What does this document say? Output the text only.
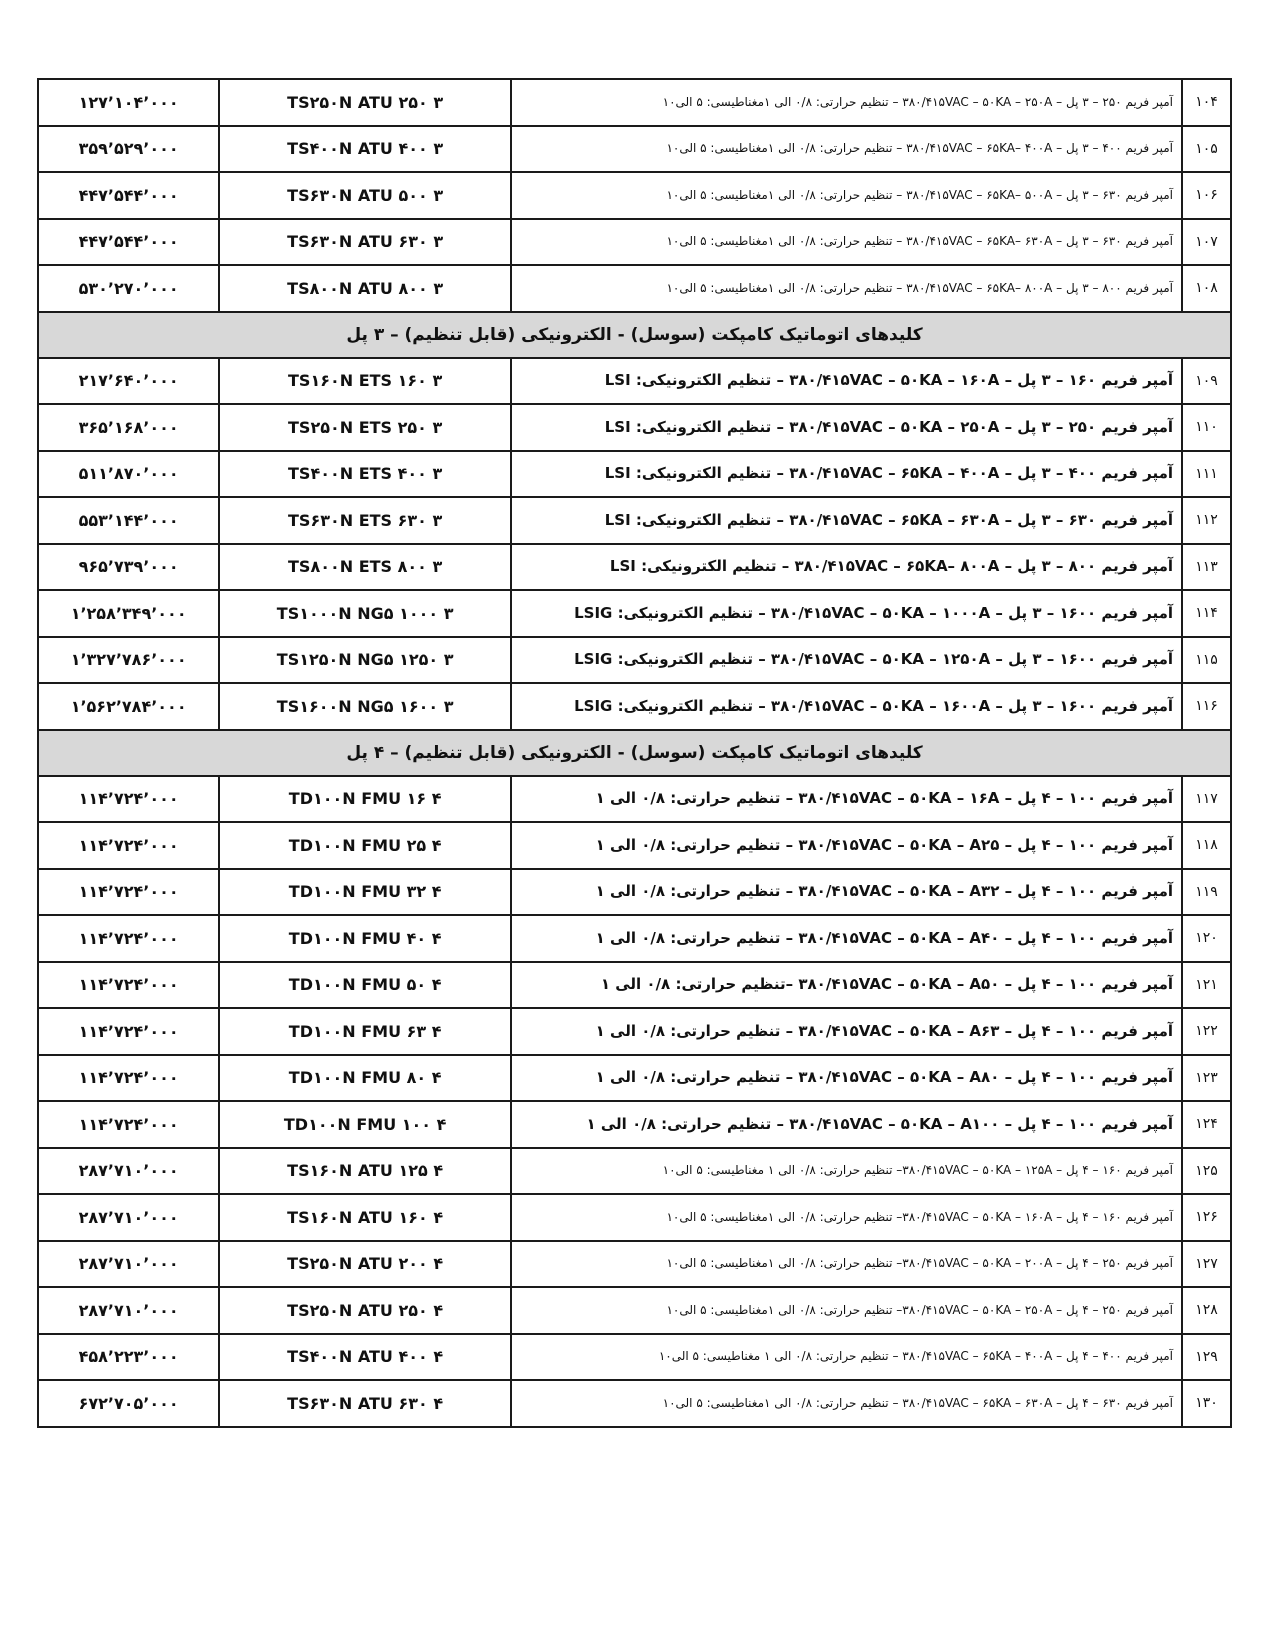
۱۲۷٬۱۰۴٬۰۰۰	TS۲۵۰N ATU ۲۵۰ ۳	آمپر فریم ۲۵۰ – ۳ پل – ۳۸۰/۴۱۵VAC – ۵۰KA – ۲۵۰A – تنظیم حرارتی: ۰/۸ الی ۱مغناطیسی: ۵ الی۱۰	۱۰۴
۳۵۹٬۵۲۹٬۰۰۰	TS۴۰۰N ATU ۴۰۰ ۳	آمپر فریم ۴۰۰ – ۳ پل – ۳۸۰/۴۱۵VAC – ۶۵KA– ۴۰۰A – تنظیم حرارتی: ۰/۸ الی ۱مغناطیسی: ۵ الی۱۰	۱۰۵
۴۴۷٬۵۴۴٬۰۰۰	TS۶۳۰N ATU ۵۰۰ ۳	آمپر فریم ۶۳۰ – ۳ پل – ۳۸۰/۴۱۵VAC – ۶۵KA– ۵۰۰A – تنظیم حرارتی: ۰/۸ الی ۱مغناطیسی: ۵ الی۱۰	۱۰۶
۴۴۷٬۵۴۴٬۰۰۰	TS۶۳۰N ATU ۶۳۰ ۳	آمپر فریم ۶۳۰ – ۳ پل – ۳۸۰/۴۱۵VAC – ۶۵KA– ۶۳۰A – تنظیم حرارتی: ۰/۸ الی ۱مغناطیسی: ۵ الی۱۰	۱۰۷
۵۳۰٬۲۷۰٬۰۰۰	TS۸۰۰N ATU ۸۰۰ ۳	آمپر فریم ۸۰۰ – ۳ پل – ۳۸۰/۴۱۵VAC – ۶۵KA– ۸۰۰A – تنظیم حرارتی: ۰/۸ الی ۱مغناطیسی: ۵ الی۱۰	۱۰۸
کلیدهای اتوماتیک کامپکت (سوسل) - الکترونیکی (قابل تنظیم) – ۳ پل			
۲۱۷٬۶۴۰٬۰۰۰	TS۱۶۰N ETS ۱۶۰ ۳	آمپر فریم ۱۶۰ – ۳ پل – ۳۸۰/۴۱۵VAC – ۵۰KA – ۱۶۰A – تنظیم الکترونیکی: LSI	۱۰۹
۳۶۵٬۱۶۸٬۰۰۰	TS۲۵۰N ETS ۲۵۰ ۳	آمپر فریم ۲۵۰ – ۳ پل – ۳۸۰/۴۱۵VAC – ۵۰KA – ۲۵۰A – تنظیم الکترونیکی: LSI	۱۱۰
۵۱۱٬۸۷۰٬۰۰۰	TS۴۰۰N ETS ۴۰۰ ۳	آمپر فریم ۴۰۰ – ۳ پل – ۳۸۰/۴۱۵VAC – ۶۵KA – ۴۰۰A – تنظیم الکترونیکی: LSI	۱۱۱
۵۵۳٬۱۴۴٬۰۰۰	TS۶۳۰N ETS ۶۳۰ ۳	آمپر فریم ۶۳۰ – ۳ پل – ۳۸۰/۴۱۵VAC – ۶۵KA – ۶۳۰A – تنظیم الکترونیکی: LSI	۱۱۲
۹۶۵٬۷۳۹٬۰۰۰	TS۸۰۰N ETS ۸۰۰ ۳	آمپر فریم ۸۰۰ – ۳ پل – ۳۸۰/۴۱۵VAC – ۶۵KA– ۸۰۰A – تنظیم الکترونیکی: LSI	۱۱۳
۱٬۲۵۸٬۳۴۹٬۰۰۰	TS۱۰۰۰N NG۵ ۱۰۰۰ ۳	آمپر فریم ۱۶۰۰ – ۳ پل – ۳۸۰/۴۱۵VAC – ۵۰KA – ۱۰۰۰A – تنظیم الکترونیکی: LSIG	۱۱۴
۱٬۳۲۷٬۷۸۶٬۰۰۰	TS۱۲۵۰N NG۵ ۱۲۵۰ ۳	آمپر فریم ۱۶۰۰ – ۳ پل – ۳۸۰/۴۱۵VAC – ۵۰KA – ۱۲۵۰A – تنظیم الکترونیکی: LSIG	۱۱۵
۱٬۵۶۲٬۷۸۴٬۰۰۰	TS۱۶۰۰N NG۵ ۱۶۰۰ ۳	آمپر فریم ۱۶۰۰ – ۳ پل – ۳۸۰/۴۱۵VAC – ۵۰KA – ۱۶۰۰A – تنظیم الکترونیکی: LSIG	۱۱۶
کلیدهای اتوماتیک کامپکت (سوسل) - الکترونیکی (قابل تنظیم) – ۴ پل			
۱۱۴٬۷۲۴٬۰۰۰	TD۱۰۰N FMU ۱۶ ۴	آمپر فریم ۱۰۰ – ۴ پل – ۳۸۰/۴۱۵VAC – ۵۰KA – ۱۶A – تنظیم حرارتی: ۰/۸ الی ۱	۱۱۷
۱۱۴٬۷۲۴٬۰۰۰	TD۱۰۰N FMU ۲۵ ۴	آمپر فریم ۱۰۰ – ۴ پل – ۳۸۰/۴۱۵VAC – ۵۰KA – A۲۵ – تنظیم حرارتی: ۰/۸ الی ۱	۱۱۸
۱۱۴٬۷۲۴٬۰۰۰	TD۱۰۰N FMU ۳۲ ۴	آمپر فریم ۱۰۰ – ۴ پل – ۳۸۰/۴۱۵VAC – ۵۰KA – A۳۲ – تنظیم حرارتی: ۰/۸ الی ۱	۱۱۹
۱۱۴٬۷۲۴٬۰۰۰	TD۱۰۰N FMU ۴۰ ۴	آمپر فریم ۱۰۰ – ۴ پل – ۳۸۰/۴۱۵VAC – ۵۰KA – A۴۰ – تنظیم حرارتی: ۰/۸ الی ۱	۱۲۰
۱۱۴٬۷۲۴٬۰۰۰	TD۱۰۰N FMU ۵۰ ۴	آمپر فریم ۱۰۰ – ۴ پل – ۳۸۰/۴۱۵VAC – ۵۰KA – A۵۰ –تنظیم حرارتی: ۰/۸ الی ۱	۱۲۱
۱۱۴٬۷۲۴٬۰۰۰	TD۱۰۰N FMU ۶۳ ۴	آمپر فریم ۱۰۰ – ۴ پل – ۳۸۰/۴۱۵VAC – ۵۰KA – A۶۳ – تنظیم حرارتی: ۰/۸ الی ۱	۱۲۲
۱۱۴٬۷۲۴٬۰۰۰	TD۱۰۰N FMU ۸۰ ۴	آمپر فریم ۱۰۰ – ۴ پل – ۳۸۰/۴۱۵VAC – ۵۰KA – A۸۰ – تنظیم حرارتی: ۰/۸ الی ۱	۱۲۳
۱۱۴٬۷۲۴٬۰۰۰	TD۱۰۰N FMU ۱۰۰ ۴	آمپر فریم ۱۰۰ – ۴ پل – ۳۸۰/۴۱۵VAC – ۵۰KA – A۱۰۰ – تنظیم حرارتی: ۰/۸ الی ۱	۱۲۴
۲۸۷٬۷۱۰٬۰۰۰	TS۱۶۰N ATU ۱۲۵ ۴	آمپر فریم ۱۶۰ – ۴ پل – ۳۸۰/۴۱۵VAC – ۵۰KA – ۱۲۵A– تنظیم حرارتی: ۰/۸ الی ۱ مغناطیسی: ۵ الی۱۰	۱۲۵
۲۸۷٬۷۱۰٬۰۰۰	TS۱۶۰N ATU ۱۶۰ ۴	آمپر فریم ۱۶۰ – ۴ پل – ۳۸۰/۴۱۵VAC – ۵۰KA – ۱۶۰A– تنظیم حرارتی: ۰/۸ الی ۱مغناطیسی: ۵ الی۱۰	۱۲۶
۲۸۷٬۷۱۰٬۰۰۰	TS۲۵۰N ATU ۲۰۰ ۴	آمپر فریم ۲۵۰ – ۴ پل – ۳۸۰/۴۱۵VAC – ۵۰KA – ۲۰۰A– تنظیم حرارتی: ۰/۸ الی ۱مغناطیسی: ۵ الی۱۰	۱۲۷
۲۸۷٬۷۱۰٬۰۰۰	TS۲۵۰N ATU ۲۵۰ ۴	آمپر فریم ۲۵۰ – ۴ پل – ۳۸۰/۴۱۵VAC – ۵۰KA – ۲۵۰A– تنظیم حرارتی: ۰/۸ الی ۱مغناطیسی: ۵ الی۱۰	۱۲۸
۴۵۸٬۲۲۳٬۰۰۰	TS۴۰۰N ATU ۴۰۰ ۴	آمپر فریم ۴۰۰ – ۴ پل – ۳۸۰/۴۱۵VAC – ۶۵KA – ۴۰۰A – تنظیم حرارتی: ۰/۸ الی ۱ مغناطیسی: ۵ الی۱۰	۱۲۹
۶۷۲٬۷۰۵٬۰۰۰	TS۶۳۰N ATU ۶۳۰ ۴	آمپر فریم ۶۳۰ – ۴ پل – ۳۸۰/۴۱۵VAC – ۶۵KA – ۶۳۰A – تنظیم حرارتی: ۰/۸ الی ۱مغناطیسی: ۵ الی۱۰	۱۳۰
